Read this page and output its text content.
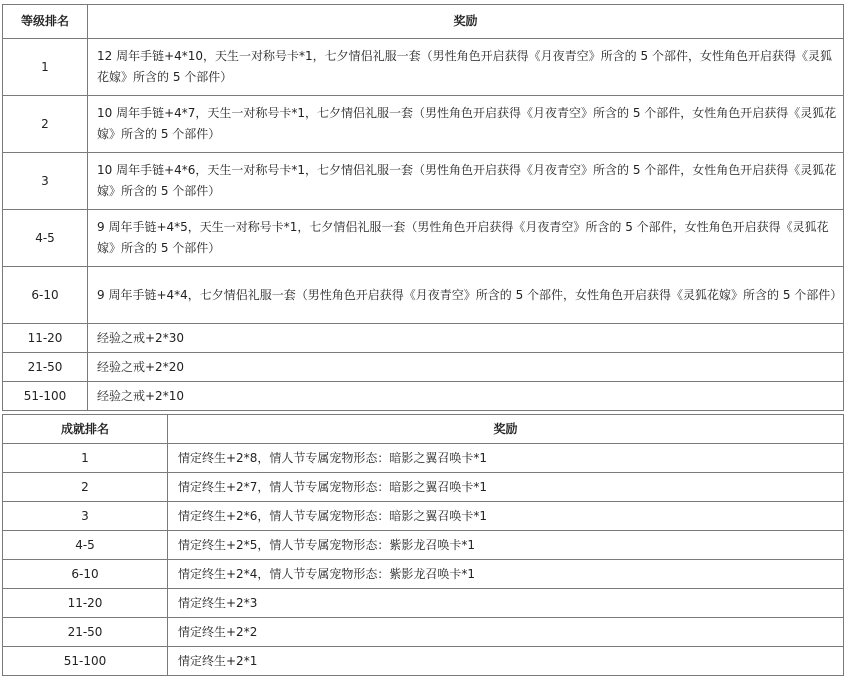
等级排名	奖励
1	12 周年手链+4*10，天生一对称号卡*1，七夕情侣礼服一套（男性角色开启获得《月夜青空》所含的 5 个部件，女性角色开启获得《灵狐花嫁》所含的 5 个部件）
2	10 周年手链+4*7，天生一对称号卡*1，七夕情侣礼服一套（男性角色开启获得《月夜青空》所含的 5 个部件，女性角色开启获得《灵狐花嫁》所含的 5 个部件）
3	10 周年手链+4*6，天生一对称号卡*1，七夕情侣礼服一套（男性角色开启获得《月夜青空》所含的 5 个部件，女性角色开启获得《灵狐花嫁》所含的 5 个部件）
4-5	9 周年手链+4*5，天生一对称号卡*1，七夕情侣礼服一套（男性角色开启获得《月夜青空》所含的 5 个部件，女性角色开启获得《灵狐花嫁》所含的 5 个部件）
6-10	9 周年手链+4*4，七夕情侣礼服一套（男性角色开启获得《月夜青空》所含的 5 个部件，女性角色开启获得《灵狐花嫁》所含的 5 个部件）
11-20	经验之戒+2*30
21-50	经验之戒+2*20
51-100	经验之戒+2*10
成就排名	奖励
1	情定终生+2*8，情人节专属宠物形态：暗影之翼召唤卡*1
2	情定终生+2*7，情人节专属宠物形态：暗影之翼召唤卡*1
3	情定终生+2*6，情人节专属宠物形态：暗影之翼召唤卡*1
4-5	情定终生+2*5，情人节专属宠物形态：紫影龙召唤卡*1
6-10	情定终生+2*4，情人节专属宠物形态：紫影龙召唤卡*1
11-20	情定终生+2*3
21-50	情定终生+2*2
51-100	情定终生+2*1
